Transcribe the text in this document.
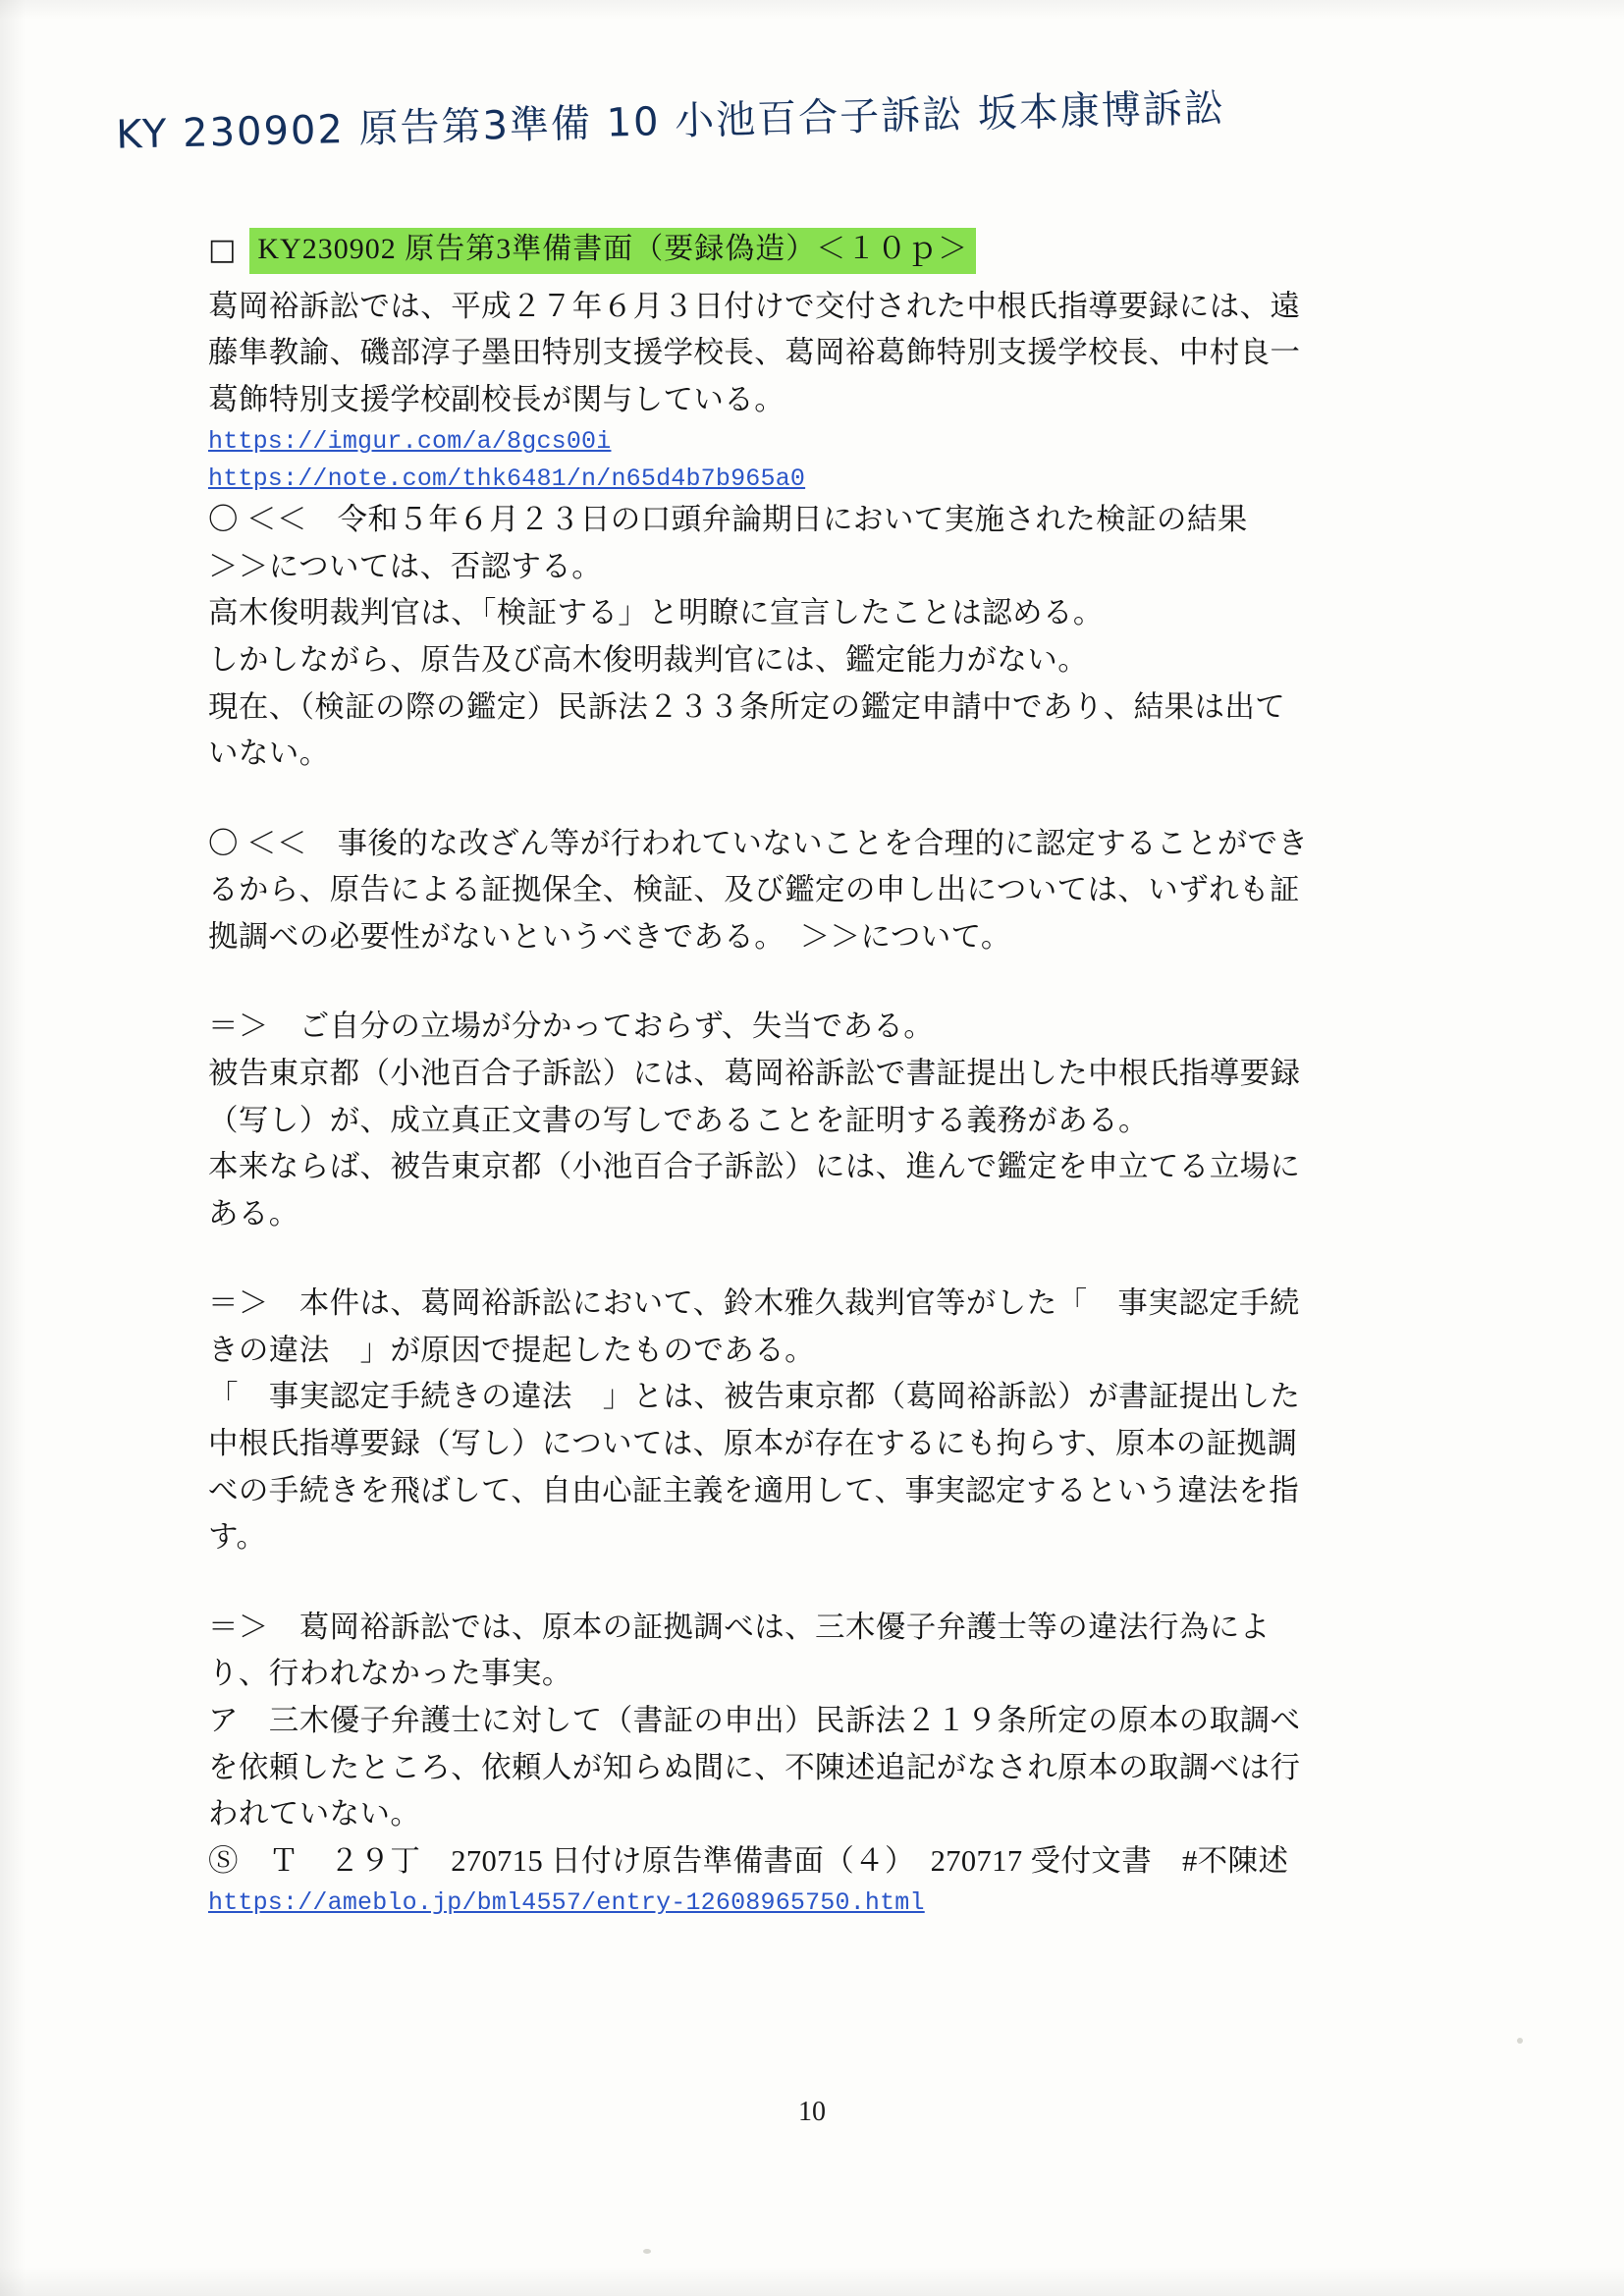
KY 230902 原告第3準備 10 小池百合子訴訟 坂本康博訴訟
□ KY230902 原告第3準備書面（要録偽造）＜１０ｐ＞

葛岡裕訴訟では、平成２７年６月３日付けで交付された中根氏指導要録には、遠

藤隼教諭、磯部淳子墨田特別支援学校長、葛岡裕葛飾特別支援学校長、中村良一

葛飾特別支援学校副校長が関与している。

https://imgur.com/a/8gcs00i
https://note.com/thk6481/n/n65d4b7b965a0

〇 ＜＜　令和５年６月２３日の口頭弁論期日において実施された検証の結果

＞＞については、否認する。

高木俊明裁判官は、「検証する」と明瞭に宣言したことは認める。

しかしながら、原告及び高木俊明裁判官には、鑑定能力がない。

現在、（検証の際の鑑定）民訴法２３３条所定の鑑定申請中であり、結果は出て

いない。

〇 ＜＜　事後的な改ざん等が行われていないことを合理的に認定することができ

るから、原告による証拠保全、検証、及び鑑定の申し出については、いずれも証

拠調べの必要性がないというべきである。　＞＞について。

＝＞　ご自分の立場が分かっておらず、失当である。

被告東京都（小池百合子訴訟）には、葛岡裕訴訟で書証提出した中根氏指導要録

（写し）が、成立真正文書の写しであることを証明する義務がある。

本来ならば、被告東京都（小池百合子訴訟）には、進んで鑑定を申立てる立場に

ある。

＝＞　本件は、葛岡裕訴訟において、鈴木雅久裁判官等がした「　事実認定手続

きの違法　」が原因で提起したものである。

「　事実認定手続きの違法　」とは、被告東京都（葛岡裕訴訟）が書証提出した

中根氏指導要録（写し）については、原本が存在するにも拘らす、原本の証拠調

べの手続きを飛ばして、自由心証主義を適用して、事実認定するという違法を指

す。

＝＞　葛岡裕訴訟では、原本の証拠調べは、三木優子弁護士等の違法行為によ

り、行われなかった事実。

ア　三木優子弁護士に対して（書証の申出）民訴法２１９条所定の原本の取調べ

を依頼したところ、依頼人が知らぬ間に、不陳述追記がなされ原本の取調べは行

われていない。

Ⓢ　Ｔ　２９丁　270715 日付け原告準備書面（４）　270717 受付文書　#不陳述

https://ameblo.jp/bml4557/entry-12608965750.html
10
